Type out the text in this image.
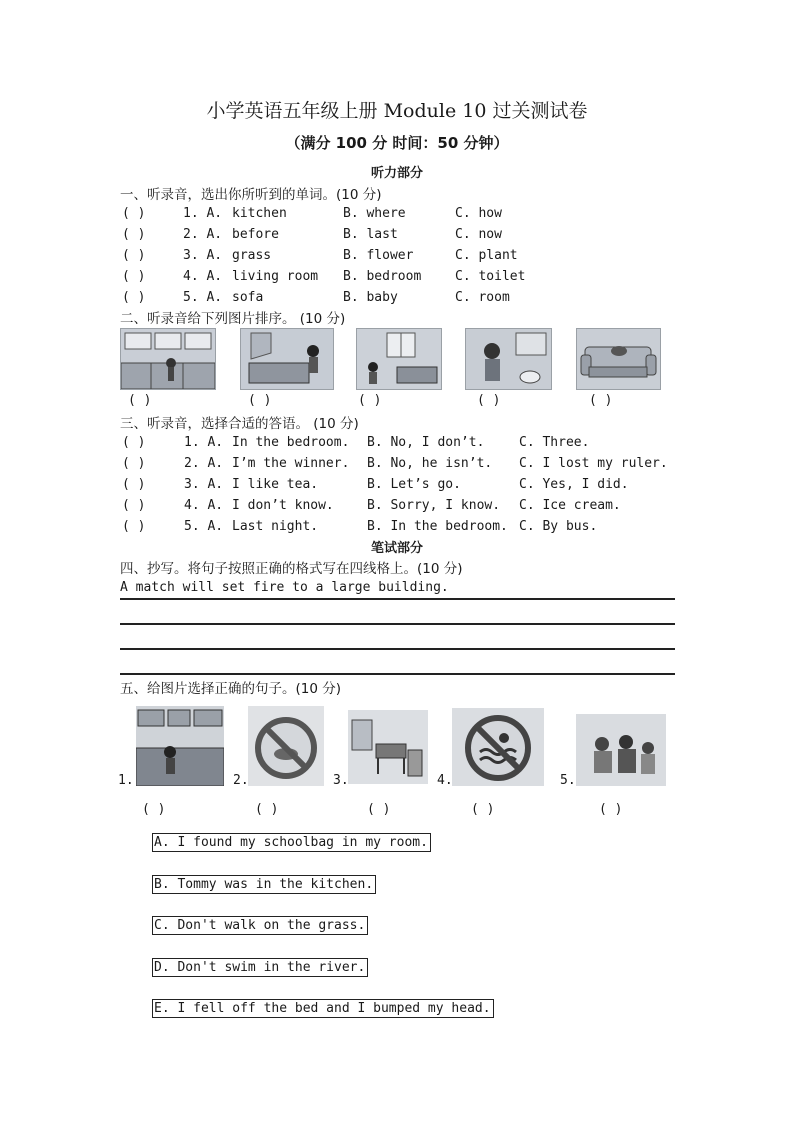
小学英语五年级上册 Module 10 过关测试卷
（满分 100 分 时间：50 分钟）
听力部分
一、听录音，选出你所听到的单词。(10 分)
( )	1. A. kitchen	B. where	C. how
( )	2. A. before	B. last	C. now
( )	3. A. grass	B. flower	C. plant
( )	4. A. living room B. bedroom	C. toilet
( )	5. A. sofa	B. baby	C. room
二、听录音给下列图片排序。 (10 分)
( )	( )	( )	( )	( )
三、听录音，选择合适的答语。 (10 分)
( )	1. A. In the bedroom. B. No, I don’t.	C. Three.
( )	2. A. I’m the winner. B. No, he isn’t. C. I lost my ruler.
( )	3. A. I like tea.	B. Let’s go.	C. Yes, I did.
( )	4. A. I don’t know.	B. Sorry, I know. C. Ice cream.
( )	5. A. Last night.	B. In the bedroom. C. By bus.
笔试部分
四、抄写。将句子按照正确的格式写在四线格上。(10 分)
A match will set fire to a large building.
五、给图片选择正确的句子。(10 分)
1.	2.	3.	4.	5.
( )	( )	( )	( )	( )
A. I found my schoolbag in my room.
B. Tommy was in the kitchen.
C. Don't walk on the grass.
D. Don't swim in the river.
E. I fell off the bed and I bumped my head.
